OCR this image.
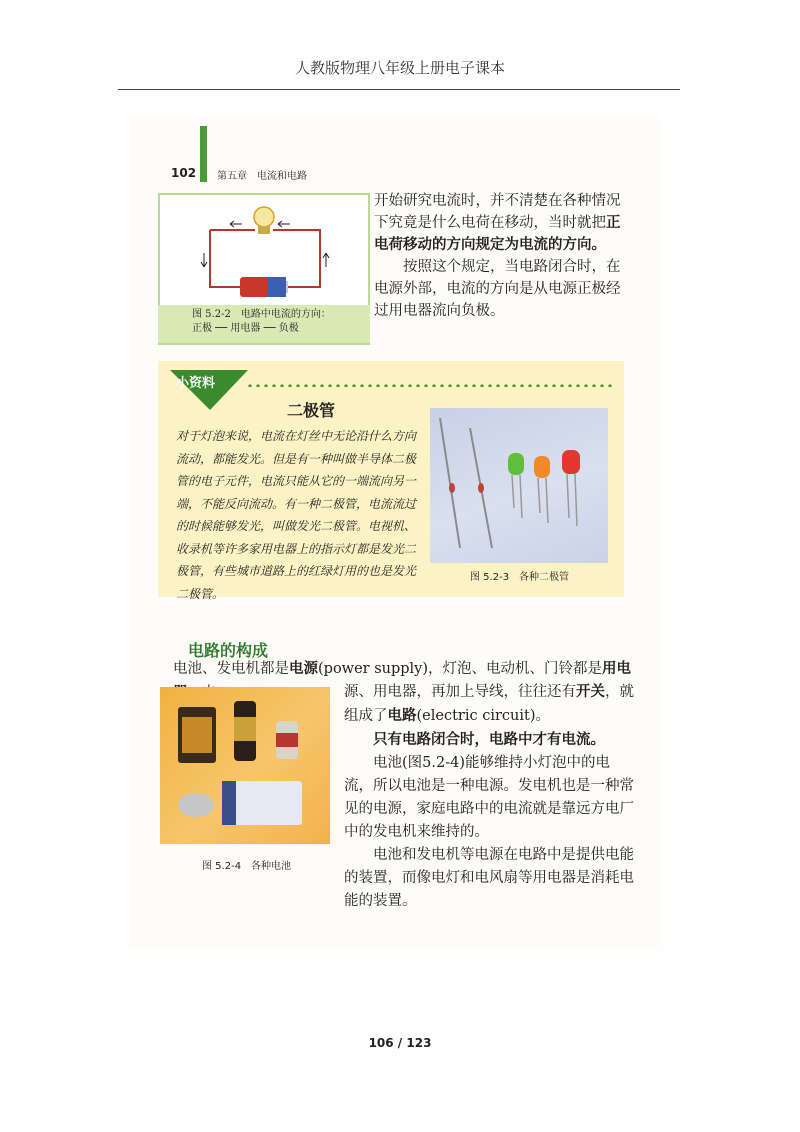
人教版物理八年级上册电子课本
102 第五章　电流和电路
图 5.2-2　电路中电流的方向：
正极 ── 用电器 ── 负极

开始研究电流时，并不清楚在各种情况下究竟是什么电荷在移动，当时就把正电荷移动的方向规定为电流的方向。

按照这个规定，当电路闭合时，在电源外部，电流的方向是从电源正极经过用电器流向负极。

小资料
二极管
对于灯泡来说，电流在灯丝中无论沿什么方向流动，都能发光。但是有一种叫做半导体二极管的电子元件，电流只能从它的一端流向另一端，不能反向流动。有一种二极管，电流流过的时候能够发光，叫做发光二极管。电视机、收录机等许多家用电器上的指示灯都是发光二极管，有些城市道路上的红绿灯用的也是发光二极管。
图 5.2-3　各种二极管
电路的构成

电池、发电机都是电源(power supply)，灯泡、电动机、门铃都是用电

图 5.2-4　各种电池

源、用电器，再加上导线，往往还有开关，就组成了电路(electric circuit)。

只有电路闭合时，电路中才有电流。

电池(图5.2-4)能够维持小灯泡中的电流，所以电池是一种电源。发电机也是一种常见的电源，家庭电路中的电流就是靠远方电厂中的发电机来维持的。

电池和发电机等电源在电路中是提供电能的装置，而像电灯和电风扇等用电器是消耗电能的装置。

106 / 123
